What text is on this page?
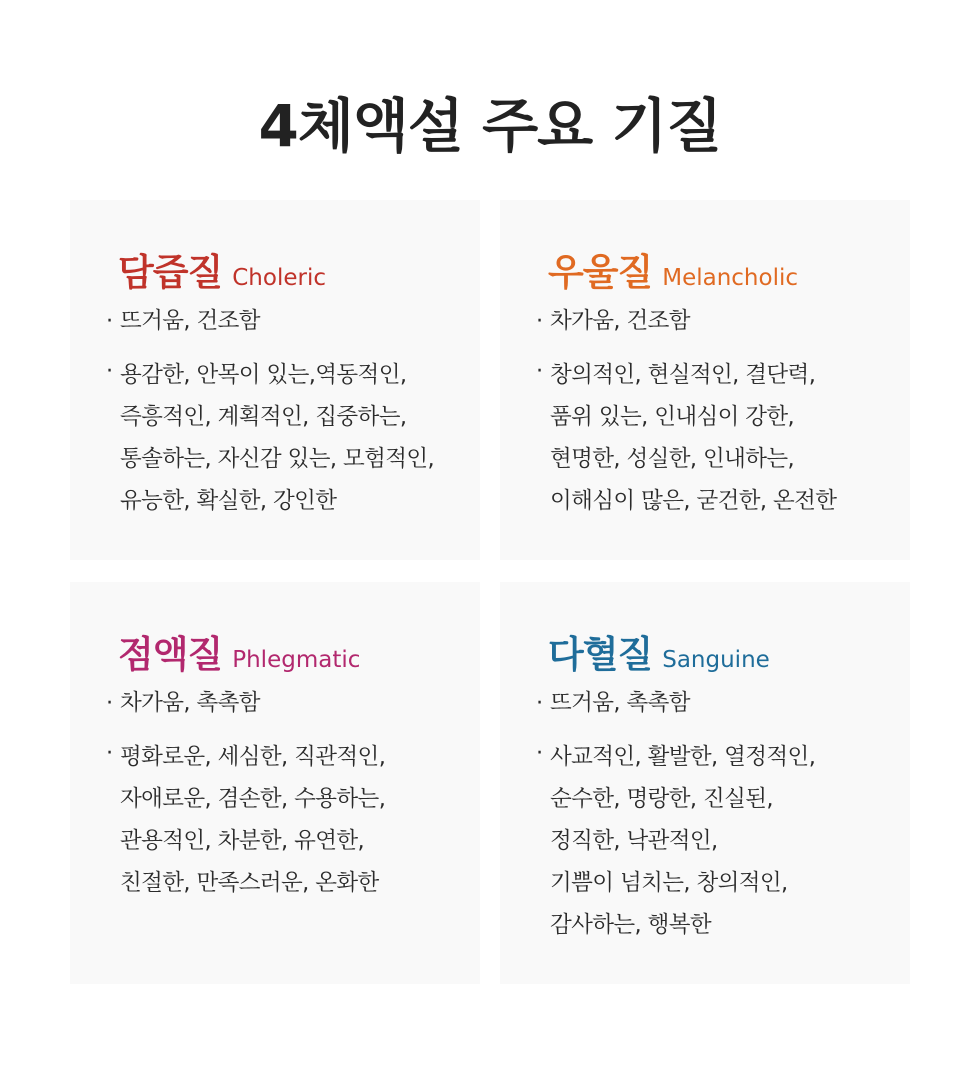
4체액설 주요 기질
담즙질 Choleric
· 뜨거움, 건조함
· 용감한, 안목이 있는,역동적인,
즉흥적인, 계획적인, 집중하는,
통솔하는, 자신감 있는, 모험적인,
유능한, 확실한, 강인한
우울질 Melancholic
· 차가움, 건조함
· 창의적인, 현실적인, 결단력,
품위 있는, 인내심이 강한,
현명한, 성실한, 인내하는,
이해심이 많은, 굳건한, 온전한
점액질 Phlegmatic
· 차가움, 촉촉함
· 평화로운, 세심한, 직관적인,
자애로운, 겸손한, 수용하는,
관용적인, 차분한, 유연한,
친절한, 만족스러운, 온화한
다혈질 Sanguine
· 뜨거움, 촉촉함
· 사교적인, 활발한, 열정적인,
순수한, 명랑한, 진실된,
정직한, 낙관적인,
기쁨이 넘치는, 창의적인,
감사하는, 행복한
